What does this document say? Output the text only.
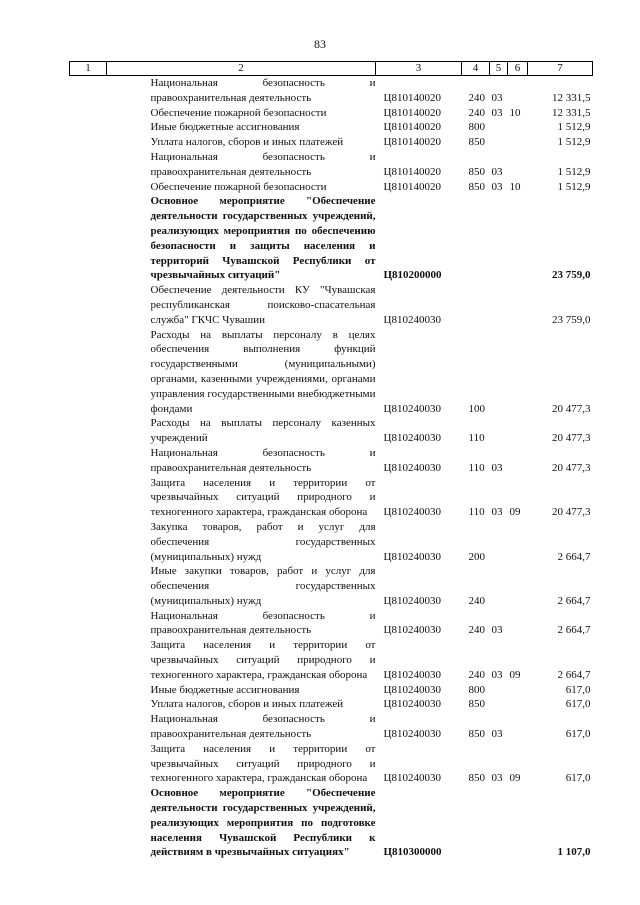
83
1	2	3	4	5	6	7
	Национальная безопасность и правоохранительная деятельность	Ц810140020	240	03		12 331,5
	Обеспечение пожарной безопасности	Ц810140020	240	03	10	12 331,5
	Иные бюджетные ассигнования	Ц810140020	800			1 512,9
	Уплата налогов, сборов и иных платежей	Ц810140020	850			1 512,9
	Национальная безопасность и правоохранительная деятельность	Ц810140020	850	03		1 512,9
	Обеспечение пожарной безопасности	Ц810140020	850	03	10	1 512,9
	Основное мероприятие "Обеспечение деятельности государственных учреждений, реализующих мероприятия по обеспечению безопасности и защиты населения и территорий Чувашской Республики от чрезвычайных ситуаций"	Ц810200000				23 759,0
	Обеспечение деятельности КУ "Чувашская республиканская поисково-спасательная служба" ГКЧС Чувашии	Ц810240030				23 759,0
	Расходы на выплаты персоналу в целях обеспечения выполнения функций государственными (муниципальными) органами, казенными учреждениями, органами управления государственными внебюджетными фондами	Ц810240030	100			20 477,3
	Расходы на выплаты персоналу казенных учреждений	Ц810240030	110			20 477,3
	Национальная безопасность и правоохранительная деятельность	Ц810240030	110	03		20 477,3
	Защита населения и территории от чрезвычайных ситуаций природного и техногенного характера, гражданская оборона	Ц810240030	110	03	09	20 477,3
	Закупка товаров, работ и услуг для обеспечения государственных (муниципальных) нужд	Ц810240030	200			2 664,7
	Иные закупки товаров, работ и услуг для обеспечения государственных (муниципальных) нужд	Ц810240030	240			2 664,7
	Национальная безопасность и правоохранительная деятельность	Ц810240030	240	03		2 664,7
	Защита населения и территории от чрезвычайных ситуаций природного и техногенного характера, гражданская оборона	Ц810240030	240	03	09	2 664,7
	Иные бюджетные ассигнования	Ц810240030	800			617,0
	Уплата налогов, сборов и иных платежей	Ц810240030	850			617,0
	Национальная безопасность и правоохранительная деятельность	Ц810240030	850	03		617,0
	Защита населения и территории от чрезвычайных ситуаций природного и техногенного характера, гражданская оборона	Ц810240030	850	03	09	617,0
	Основное мероприятие "Обеспечение деятельности государственных учреждений, реализующих мероприятия по подготовке населения Чувашской Республики к действиям в чрезвычайных ситуациях"	Ц810300000				1 107,0
